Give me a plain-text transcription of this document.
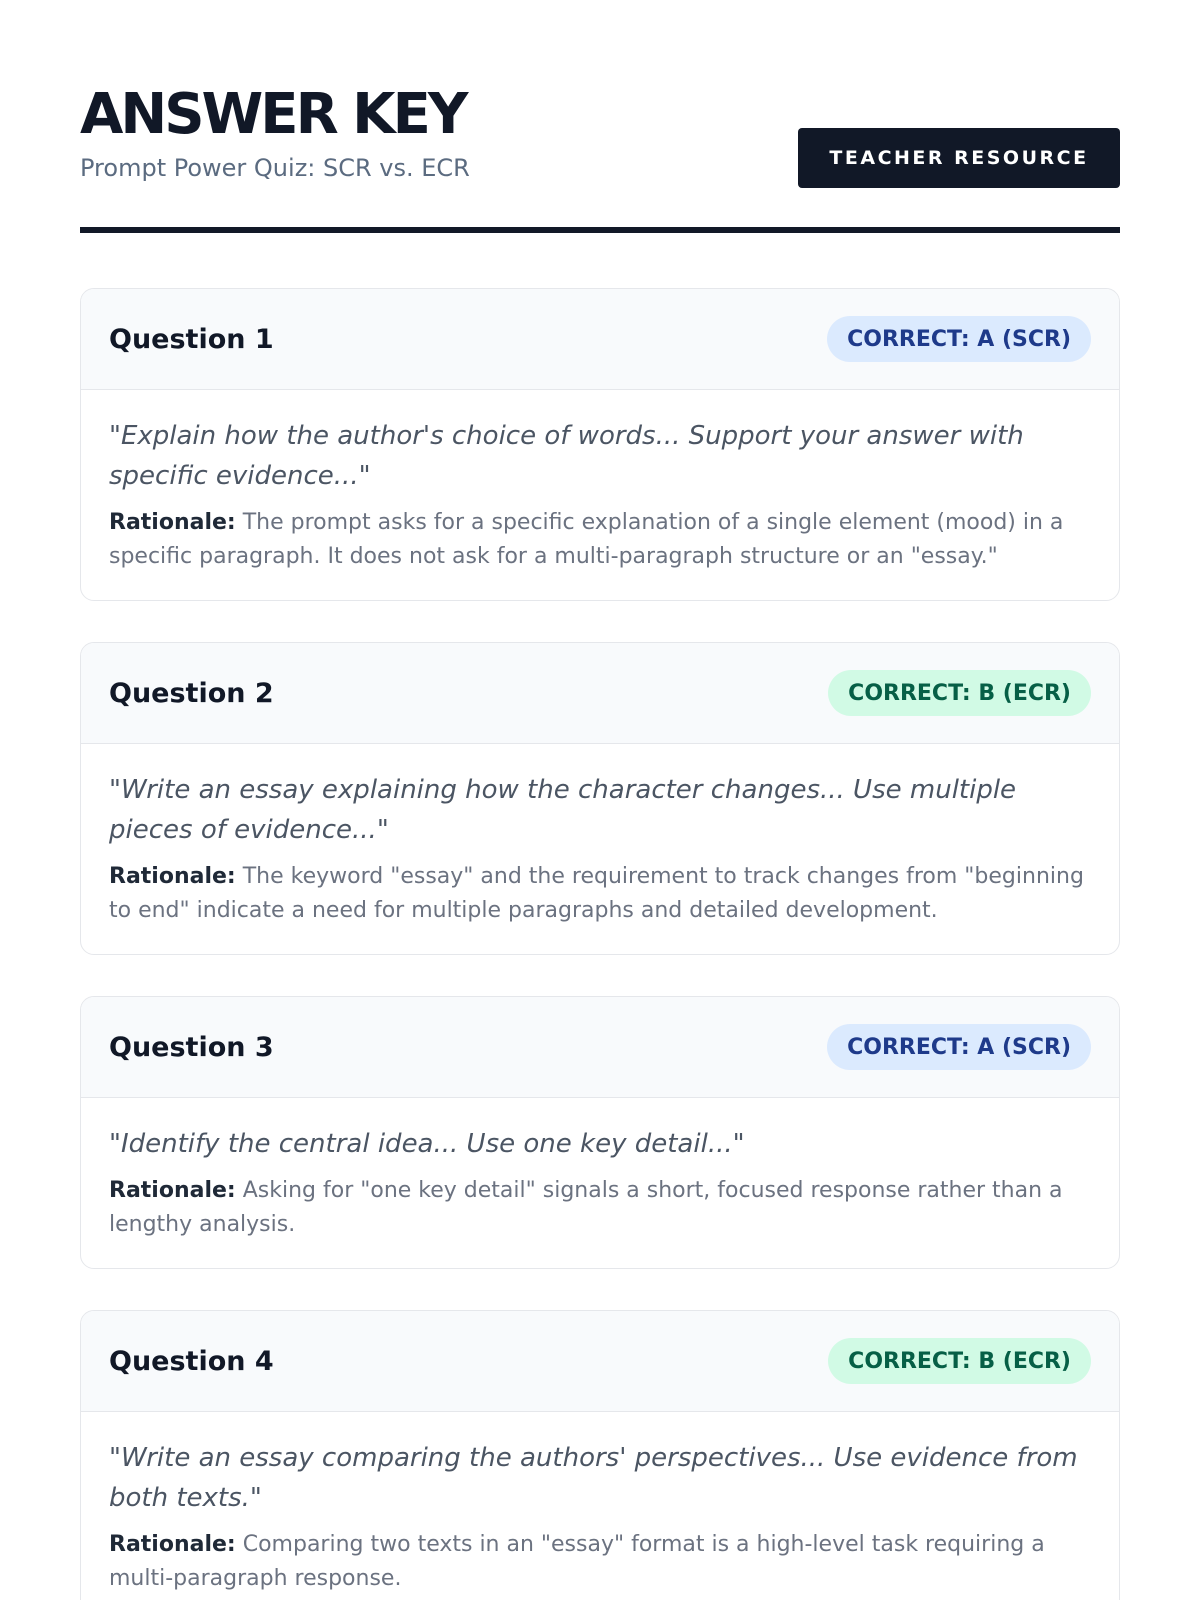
ANSWER KEY
Prompt Power Quiz: SCR vs. ECR	TEACHER RESOURCE
Question 1	CORRECT: A (SCR)

"Explain how the author's choice of words... Support your answer with specific evidence..."

Rationale: The prompt asks for a specific explanation of a single element (mood) in a specific paragraph. It does not ask for a multi-paragraph structure or an "essay."

Question 2	CORRECT: B (ECR)

"Write an essay explaining how the character changes... Use multiple pieces of evidence..."

Rationale: The keyword "essay" and the requirement to track changes from "beginning to end" indicate a need for multiple paragraphs and detailed development.

Question 3	CORRECT: A (SCR)

"Identify the central idea... Use one key detail..."

Rationale: Asking for "one key detail" signals a short, focused response rather than a lengthy analysis.

Question 4	CORRECT: B (ECR)

"Write an essay comparing the authors' perspectives... Use evidence from both texts."

Rationale: Comparing two texts in an "essay" format is a high-level task requiring a multi-paragraph response.
